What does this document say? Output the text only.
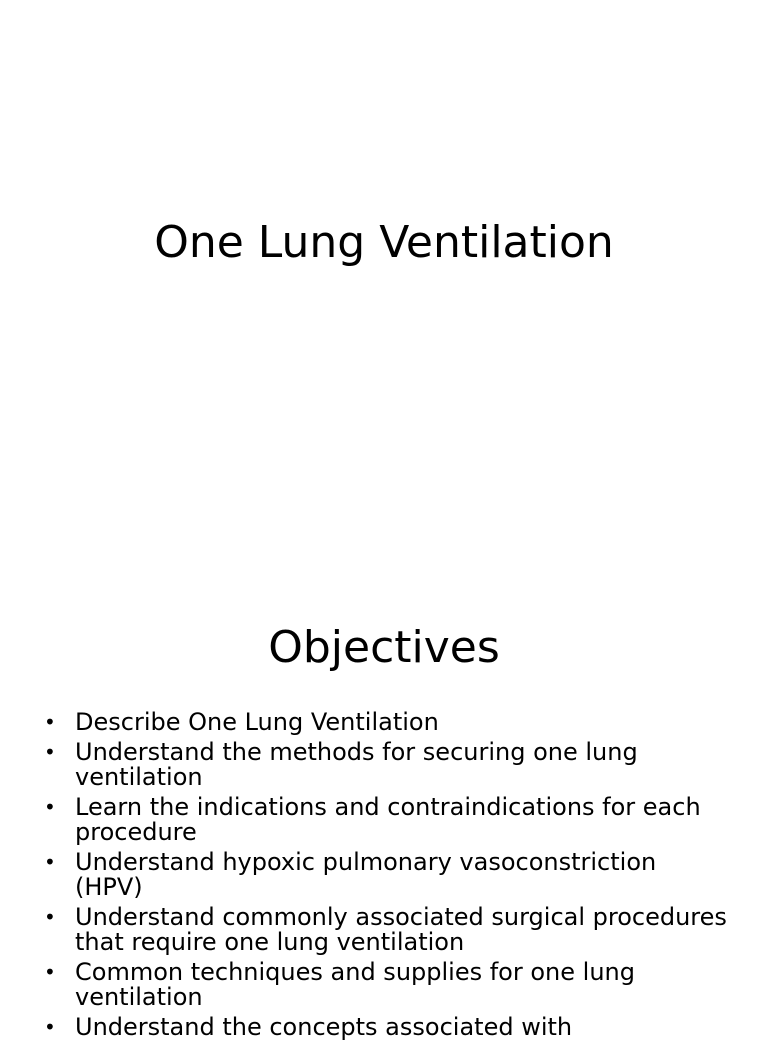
One Lung Ventilation
Objectives
• Describe One Lung Ventilation
• Understand the methods for securing one lung ventilation
• Learn the indications and contraindications for each procedure
• Understand hypoxic pulmonary vasoconstriction (HPV)
• Understand commonly associated surgical procedures that require one lung ventilation
• Common techniques and supplies for one lung ventilation
• Understand the concepts associated with
